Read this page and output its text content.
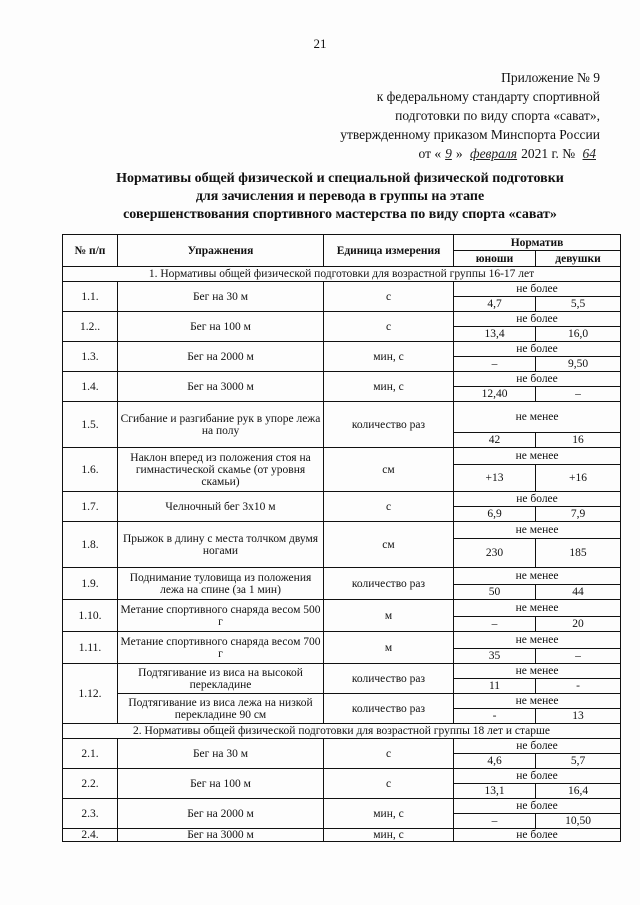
21
Приложение № 9
к федеральному стандарту спортивной
подготовки по виду спорта «сават»,
утвержденному приказом Минспорта России
от « 9 » февраля 2021 г. № 64
Нормативы общей физической и специальной физической подготовки
для зачисления и перевода в группы на этапе
совершенствования спортивного мастерства по виду спорта «сават»
№ п/п	Упражнения	Единица измерения	Норматив	
			юноши	девушки
1. Нормативы общей физической подготовки для возрастной группы 16-17 лет				
1.1.	Бег на 30 м	с	не более	
			4,7	5,5
1.2..	Бег на 100 м	с	не более	
			13,4	16,0
1.3.	Бег на 2000 м	мин, с	не более	
			–	9,50
1.4.	Бег на 3000 м	мин, с	не более	
			12,40	–
1.5.	Сгибание и разгибание рук в упоре лежа на полу	количество раз	не менее	
			42	16
1.6.	Наклон вперед из положения стоя на гимнастической скамье (от уровня скамьи)	см	не менее	
			+13	+16
1.7.	Челночный бег 3х10 м	с	не более	
			6,9	7,9
1.8.	Прыжок в длину с места толчком двумя ногами	см	не менее	
			230	185
1.9.	Поднимание туловища из положения лежа на спине (за 1 мин)	количество раз	не менее	
			50	44
1.10.	Метание спортивного снаряда весом 500 г	м	не менее	
			–	20
1.11.	Метание спортивного снаряда весом 700 г	м	не менее	
			35	–
1.12.	Подтягивание из виса на высокой перекладине	количество раз	не менее	
			11	-
	Подтягивание из виса лежа на низкой перекладине 90 см	количество раз	не менее	
			-	13
2. Нормативы общей физической подготовки для возрастной группы 18 лет и старше				
2.1.	Бег на 30 м	с	не более	
			4,6	5,7
2.2.	Бег на 100 м	с	не более	
			13,1	16,4
2.3.	Бег на 2000 м	мин, с	не более	
			–	10,50
2.4.	Бег на 3000 м	мин, с	не более	
